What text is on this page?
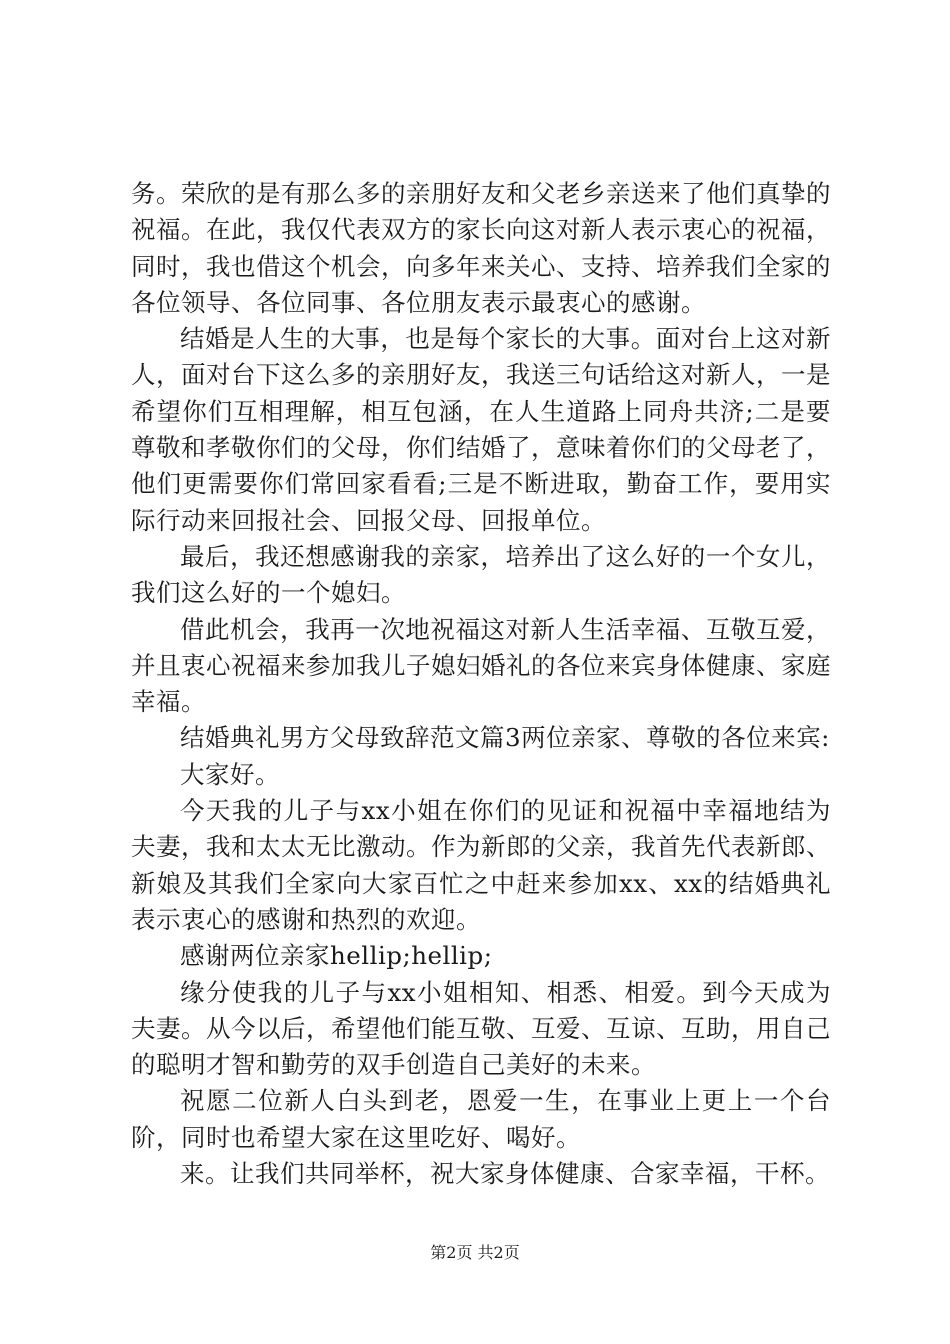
务。荣欣的是有那么多的亲朋好友和父老乡亲送来了他们真挚的祝福。在此，我仅代表双方的家长向这对新人表示衷心的祝福，同时，我也借这个机会，向多年来关心、支持、培养我们全家的各位领导、各位同事、各位朋友表示最衷心的感谢。

结婚是人生的大事，也是每个家长的大事。面对台上这对新人，面对台下这么多的亲朋好友，我送三句话给这对新人，一是希望你们互相理解，相互包涵，在人生道路上同舟共济;二是要尊敬和孝敬你们的父母，你们结婚了，意味着你们的父母老了，他们更需要你们常回家看看;三是不断进取，勤奋工作，要用实际行动来回报社会、回报父母、回报单位。

最后，我还想感谢我的亲家，培养出了这么好的一个女儿，我们这么好的一个媳妇。

借此机会，我再一次地祝福这对新人生活幸福、互敬互爱，并且衷心祝福来参加我儿子媳妇婚礼的各位来宾身体健康、家庭幸福。

结婚典礼男方父母致辞范文篇3两位亲家、尊敬的各位来宾:

大家好。

今天我的儿子与xx小姐在你们的见证和祝福中幸福地结为夫妻，我和太太无比激动。作为新郎的父亲，我首先代表新郎、新娘及其我们全家向大家百忙之中赶来参加xx、xx的结婚典礼表示衷心的感谢和热烈的欢迎。

感谢两位亲家hellip;hellip;

缘分使我的儿子与xx小姐相知、相悉、相爱。到今天成为夫妻。从今以后，希望他们能互敬、互爱、互谅、互助，用自己的聪明才智和勤劳的双手创造自己美好的未来。

祝愿二位新人白头到老，恩爱一生，在事业上更上一个台阶，同时也希望大家在这里吃好、喝好。

来。让我们共同举杯，祝大家身体健康、合家幸福，干杯。

第2页 共2页
